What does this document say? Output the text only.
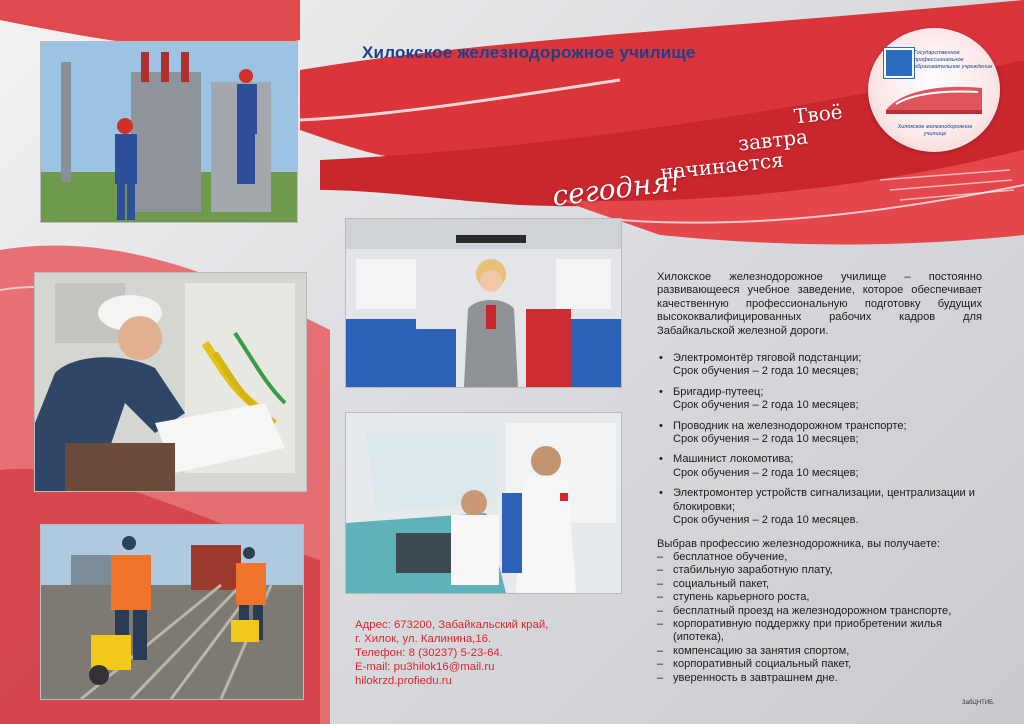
Хилокское железнодорожное училище
Твоё
завтра
начинается
сегодня!
Государственное профессиональное образовательное учреждение
Хилокское железнодорожное училище

Хилокское железнодорожное училище – постоянно развивающееся учебное заведение, которое обеспечивает качественную профессиональную подготовку будущих высококвалифицированных рабочих кадров для Забайкальской железной дороги.

• Электромонтёр тяговой подстанции;
Срок обучения – 2 года 10 месяцев;
• Бригадир-путеец;
Срок обучения – 2 года 10 месяцев;
• Проводник на железнодорожном транспорте;
Срок обучения – 2 года 10 месяцев;
• Машинист локомотива;
Срок обучения – 2 года 10 месяцев;
• Электромонтер устройств сигнализации, централизации и блокировки;
Срок обучения – 2 года 10 месяцев.

Выбрав профессию железнодорожника, вы получаете:

– бесплатное обучение,
– стабильную заработную плату,
– социальный пакет,
– ступень карьерного роста,
– бесплатный проезд на железнодорожном транспорте,
– корпоративную поддержку при приобретении жилья (ипотека),
– компенсацию за занятия спортом,
– корпоративный социальный пакет,
– уверенность в завтрашнем дне.
Адрес: 673200, Забайкальский край,
г. Хилок, ул. Калинина,16.
Телефон: 8 (30237) 5-23-64.
E-mail: pu3hilok16@mail.ru
hilokrzd.profiedu.ru
ЗабЦНТИБ.
